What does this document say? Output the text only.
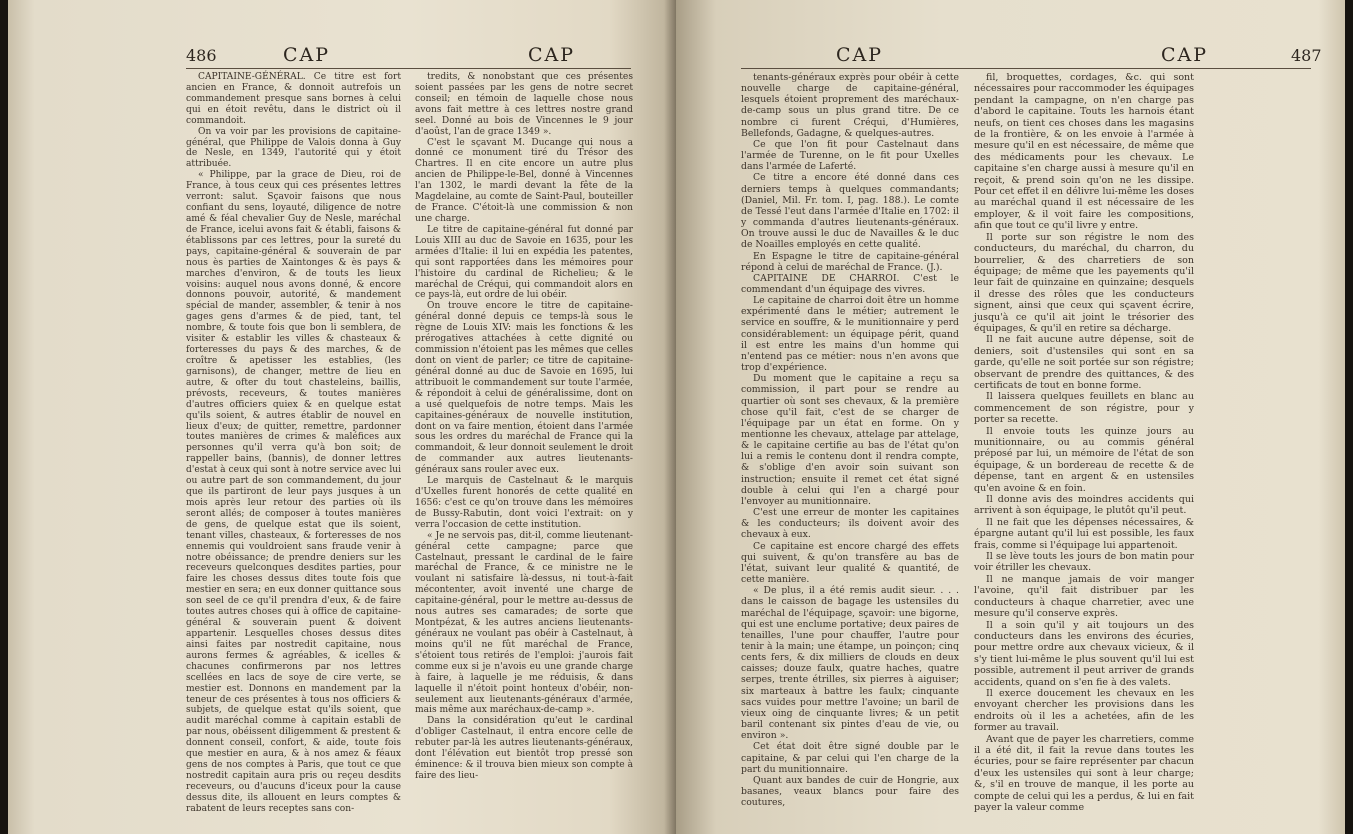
486	CAP	CAP

CAPITAINE-GÉNÉRAL. Ce titre est fort ancien en France, & donnoit autrefois un commandement presque sans bornes à celui qui en étoit revêtu, dans le district où il commandoit.

On va voir par les provisions de capitaine-général, que Philippe de Valois donna à Guy de Nesle, en 1349, l'autorité qui y étoit attribuée.

« Philippe, par la grace de Dieu, roi de France, à tous ceux qui ces présentes lettres verront: salut. Sçavoir faisons que nous confiant du sens, loyauté, diligence de notre amé & féal chevalier Guy de Nesle, maréchal de France, icelui avons fait & établi, faisons & établissons par ces lettres, pour la sureté du pays, capitaine-général & souverain de par nous ès parties de Xaintonges & ès pays & marches d'environ, & de touts les lieux voisins: auquel nous avons donné, & encore donnons pouvoir, autorité, & mandement spécial de mander, assembler, & tenir à nos gages gens d'armes & de pied, tant, tel nombre, & toute fois que bon li semblera, de visiter & establir les villes & chasteaux & forteresses du pays & des marches, & de croître & apetisser les establies, (les garnisons), de changer, mettre de lieu en autre, & ofter du tout chasteleins, baillis, prévosts, receveurs, & toutes manières d'autres officiers quiex & en quelque estat qu'ils soient, & autres établir de nouvel en lieux d'eux; de quitter, remettre, pardonner toutes manières de crimes & maléfices aux personnes qu'il verra qu'à bon soit; de rappeller bains, (bannis), de donner lettres d'estat à ceux qui sont à notre service avec lui ou autre part de son commandement, du jour que ils partiront de leur pays jusques à un mois après leur retour des parties où ils seront allés; de composer à toutes manières de gens, de quelque estat que ils soient, tenant villes, chasteaux, & forteresses de nos ennemis qui vouldroient sans fraude venir à notre obéissance; de prendre deniers sur les receveurs quelconques desdites parties, pour faire les choses dessus dites toute fois que mestier en sera; en eux donner quittance sous son seel de ce qu'il prendra d'eux, & de faire toutes autres choses qui à office de capitaine-général & souverain puent & doivent appartenir. Lesquelles choses dessus dites ainsi faites par nostredit capitaine, nous aurons fermes & agréables, & icelles & chacunes confirmerons par nos lettres scellées en lacs de soye de cire verte, se mestier est. Donnons en mandement par la teneur de ces présentes à tous nos officiers & subjets, de quelque estat qu'ils soient, que audit maréchal comme à capitain establi de par nous, obéissent diligemment & prestent & donnent conseil, confort, & aide, toute fois que mestier en aura, & à nos amez & féaux gens de nos comptes à Paris, que tout ce que nostredit capitain aura pris ou reçeu desdits receveurs, ou d'aucuns d'iceux pour la cause dessus dite, ils allouent en leurs comptes & rabatent de leurs receptes sans con-

tredits, & nonobstant que ces présentes soient passées par les gens de notre secret conseil; en témoin de laquelle chose nous avons fait mettre à ces lettres nostre grand seel. Donné au bois de Vincennes le 9 jour d'aoûst, l'an de grace 1349 ».

C'est le sçavant M. Ducange qui nous a donné ce monument tiré du Trésor des Chartres. Il en cite encore un autre plus ancien de Philippe-le-Bel, donné à Vincennes l'an 1302, le mardi devant la fête de la Magdelaine, au comte de Saint-Paul, bouteiller de France. C'étoit-là une commission & non une charge.

Le titre de capitaine-général fut donné par Louis XIII au duc de Savoie en 1635, pour les armées d'Italie: il lui en expédia les patentes, qui sont rapportées dans les mémoires pour l'histoire du cardinal de Richelieu; & le maréchal de Créqui, qui commandoit alors en ce pays-là, eut ordre de lui obéir.

On trouve encore le titre de capitaine-général donné depuis ce temps-là sous le règne de Louis XIV: mais les fonctions & les prérogatives attachées à cette dignité ou commission n'étoient pas les mêmes que celles dont on vient de parler; ce titre de capitaine-général donné au duc de Savoie en 1695, lui attribuoit le commandement sur toute l'armée, & répondoit à celui de généralissime, dont on a usé quelquefois de notre temps. Mais les capitaines-généraux de nouvelle institution, dont on va faire mention, étoient dans l'armée sous les ordres du maréchal de France qui la commandoit, & leur donnoit seulement le droit de commander aux autres lieutenants-généraux sans rouler avec eux.

Le marquis de Castelnaut & le marquis d'Uxelles furent honorés de cette qualité en 1656: c'est ce qu'on trouve dans les mémoires de Bussy-Rabutin, dont voici l'extrait: on y verra l'occasion de cette institution.

« Je ne servois pas, dit-il, comme lieutenant-général cette campagne; parce que Castelnaut, pressant le cardinal de le faire maréchal de France, & ce ministre ne le voulant ni satisfaire là-dessus, ni tout-à-fait mécontenter, avoit inventé une charge de capitaine-général, pour le mettre au-dessus de nous autres ses camarades; de sorte que Montpézat, & les autres anciens lieutenants-généraux ne voulant pas obéir à Castelnaut, à moins qu'il ne fût maréchal de France, s'étoient tous retirés de l'emploi: j'aurois fait comme eux si je n'avois eu une grande charge à faire, à laquelle je me réduisis, & dans laquelle il n'étoit point honteux d'obéir, non-seulement aux lieutenants-généraux d'armée, mais même aux maréchaux-de-camp ».

Dans la considération qu'eut le cardinal d'obliger Castelnaut, il entra encore celle de rebuter par-là les autres lieutenants-généraux, dont l'élévation eut bientôt trop pressé son éminence: & il trouva bien mieux son compte à faire des lieu-

CAP	CAP	487

tenants-généraux exprès pour obéir à cette nouvelle charge de capitaine-général, lesquels étoient proprement des maréchaux-de-camp sous un plus grand titre. De ce nombre ci furent Créqui, d'Humières, Bellefonds, Gadagne, & quelques-autres.

Ce que l'on fit pour Castelnaut dans l'armée de Turenne, on le fit pour Uxelles dans l'armée de Laferté.

Ce titre a encore été donné dans ces derniers temps à quelques commandants; (Daniel, Mil. Fr. tom. I, pag. 188.). Le comte de Tessé l'eut dans l'armée d'Italie en 1702: il y commanda d'autres lieutenants-généraux. On trouve aussi le duc de Navailles & le duc de Noailles employés en cette qualité.

En Espagne le titre de capitaine-général répond à celui de maréchal de France. (J.).

CAPITAINE DE CHARROI. C'est le commendant d'un équipage des vivres.

Le capitaine de charroi doit être un homme expérimenté dans le métier; autrement le service en souffre, & le munitionnaire y perd considérablement: un équipage périt, quand il est entre les mains d'un homme qui n'entend pas ce métier: nous n'en avons que trop d'expérience.

Du moment que le capitaine a reçu sa commission, il part pour se rendre au quartier où sont ses chevaux, & la première chose qu'il fait, c'est de se charger de l'équipage par un état en forme. On y mentionne les chevaux, attelage par attelage, & le capitaine certifie au bas de l'état qu'on lui a remis le contenu dont il rendra compte, & s'oblige d'en avoir soin suivant son instruction; ensuite il remet cet état signé double à celui qui l'en a chargé pour l'envoyer au munitionnaire.

C'est une erreur de monter les capitaines & les conducteurs; ils doivent avoir des chevaux à eux.

Ce capitaine est encore chargé des effets qui suivent, & qu'on transfère au bas de l'état, suivant leur qualité & quantité, de cette manière.

« De plus, il a été remis audit sieur. . . . dans le caisson de bagage les ustensiles du maréchal de l'équipage, sçavoir: une bigorne, qui est une enclume portative; deux paires de tenailles, l'une pour chauffer, l'autre pour tenir à la main; une étampe, un poinçon; cinq cents fers, & dix milliers de clouds en deux caisses; douze faulx, quatre haches, quatre serpes, trente étrilles, six pierres à aiguiser; six marteaux à battre les faulx; cinquante sacs vuides pour mettre l'avoine; un baril de vieux oing de cinquante livres; & un petit baril contenant six pintes d'eau de vie, ou environ ».

Cet état doit être signé double par le capitaine, & par celui qui l'en charge de la part du munitionnaire.

Quant aux bandes de cuir de Hongrie, aux basanes, veaux blancs pour faire des coutures,

fil, broquettes, cordages, &c. qui sont nécessaires pour raccommoder les équipages pendant la campagne, on n'en charge pas d'abord le capitaine. Touts les harnois étant neufs, on tient ces choses dans les magasins de la frontière, & on les envoie à l'armée à mesure qu'il en est nécessaire, de même que des médicaments pour les chevaux. Le capitaine s'en charge aussi à mesure qu'il en reçoit, & prend soin qu'on ne les dissipe. Pour cet effet il en délivre lui-même les doses au maréchal quand il est nécessaire de les employer, & il voit faire les compositions, afin que tout ce qu'il livre y entre.

Il porte sur son régistre le nom des conducteurs, du maréchal, du charron, du bourrelier, & des charretiers de son équipage; de même que les payements qu'il leur fait de quinzaine en quinzaine; desquels il dresse des rôles que les conducteurs signent, ainsi que ceux qui sçavent écrire, jusqu'à ce qu'il ait joint le trésorier des équipages, & qu'il en retire sa décharge.

Il ne fait aucune autre dépense, soit de deniers, soit d'ustensiles qui sont en sa garde, qu'elle ne soit portée sur son régistre; observant de prendre des quittances, & des certificats de tout en bonne forme.

Il laissera quelques feuillets en blanc au commencement de son régistre, pour y porter sa recette.

Il envoie touts les quinze jours au munitionnaire, ou au commis général préposé par lui, un mémoire de l'état de son équipage, & un bordereau de recette & de dépense, tant en argent & en ustensiles qu'en avoine & en foin.

Il donne avis des moindres accidents qui arrivent à son équipage, le plutôt qu'il peut.

Il ne fait que les dépenses nécessaires, & épargne autant qu'il lui est possible, les faux frais, comme si l'équipage lui appartenoit.

Il se lève touts les jours de bon matin pour voir étriller les chevaux.

Il ne manque jamais de voir manger l'avoine, qu'il fait distribuer par les conducteurs à chaque charretier, avec une mesure qu'il conserve exprès.

Il a soin qu'il y ait toujours un des conducteurs dans les environs des écuries, pour mettre ordre aux chevaux vicieux, & il s'y tient lui-même le plus souvent qu'il lui est possible, autrement il peut arriver de grands accidents, quand on s'en fie à des valets.

Il exerce doucement les chevaux en les envoyant chercher les provisions dans les endroits où il les a achetées, afin de les former au travail.

Avant que de payer les charretiers, comme il a été dit, il fait la revue dans toutes les écuries, pour se faire représenter par chacun d'eux les ustensiles qui sont à leur charge; &, s'il en trouve de manque, il les porte au compte de celui qui les a perdus, & lui en fait payer la valeur comme
